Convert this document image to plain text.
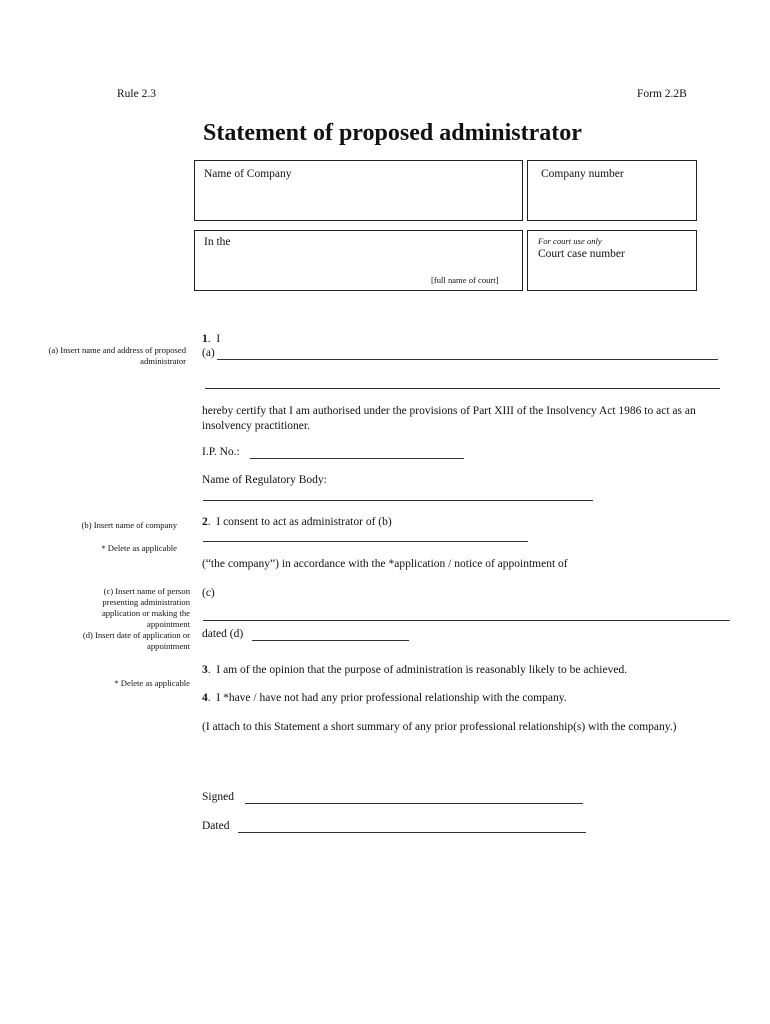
Rule 2.3	Form 2.2B
Statement of proposed administrator
Name of Company	Company number
In the
[full name of court]
For court use only
Court case number
(a) Insert name and address of proposed administrator
(b) Insert name of company
* Delete as applicable
(c) Insert name of person presenting administration application or making the appointment
(d) Insert date of application or appointment
* Delete as applicable
1.  I
(a)
hereby certify that I am authorised under the provisions of Part XIII of the Insolvency Act 1986 to act as an insolvency practitioner.
I.P. No.:
Name of Regulatory Body:
2.  I consent to act as administrator of (b)
(“the company”) in accordance with the *application / notice of appointment of
(c)
dated (d)
3.  I am of the opinion that the purpose of administration is reasonably likely to be achieved.
4.  I *have / have not had any prior professional relationship with the company.
(I attach to this Statement a short summary of any prior professional relationship(s) with the company.)
Signed
Dated
